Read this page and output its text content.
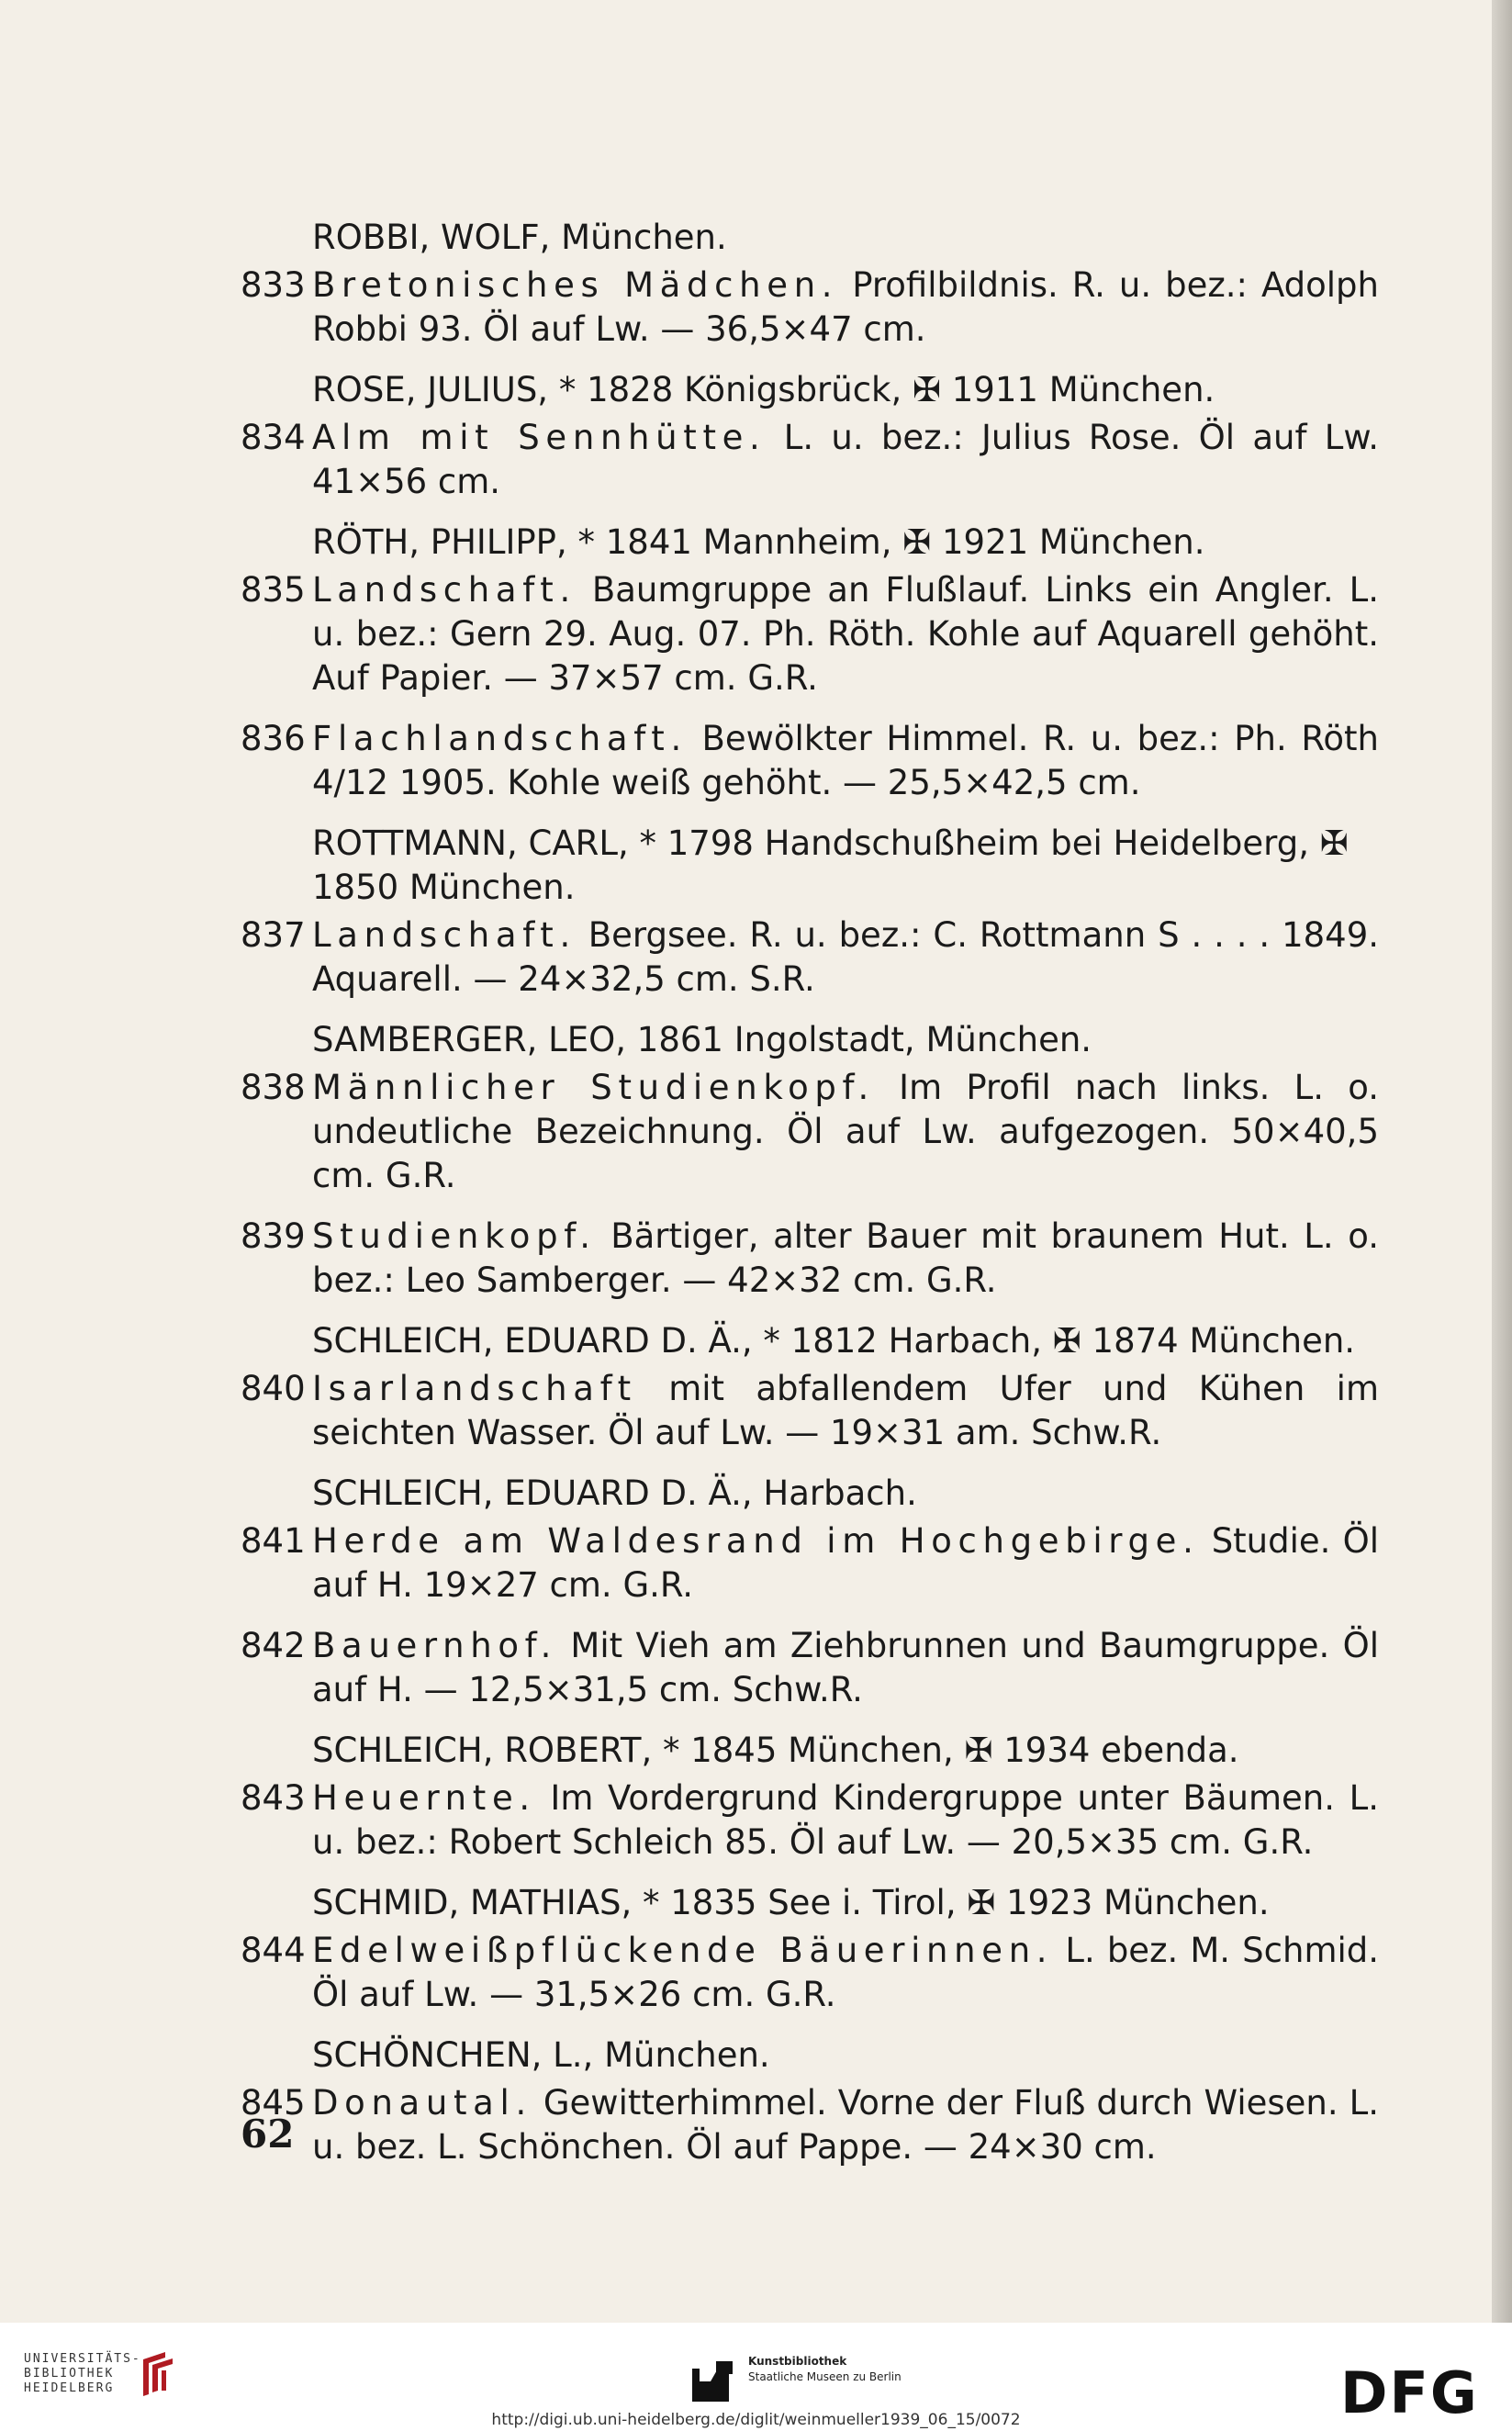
ROBBI, WOLF, München.
833 Bretonisches Mädchen. Profilbildnis. R. u. bez.: Adolph Robbi 93. Öl auf Lw. — 36,5×47 cm.
ROSE, JULIUS, * 1828 Königsbrück, ✠ 1911 München.
834 Alm mit Sennhütte. L. u. bez.: Julius Rose. Öl auf Lw. 41×56 cm.
RÖTH, PHILIPP, * 1841 Mannheim, ✠ 1921 München.
835 Landschaft. Baumgruppe an Flußlauf. Links ein Angler. L. u. bez.: Gern 29. Aug. 07. Ph. Röth. Kohle auf Aquarell gehöht. Auf Papier. — 37×57 cm. G.R.
836 Flachlandschaft. Bewölkter Himmel. R. u. bez.: Ph. Röth 4/12 1905. Kohle weiß gehöht. — 25,5×42,5 cm.
ROTTMANN, CARL, * 1798 Handschußheim bei Heidelberg, ✠ 1850 München.
837 Landschaft. Bergsee. R. u. bez.: C. Rottmann S . . . . 1849. Aquarell. — 24×32,5 cm. S.R.
SAMBERGER, LEO, 1861 Ingolstadt, München.
838 Männlicher Studienkopf. Im Profil nach links. L. o. undeutliche Bezeichnung. Öl auf Lw. aufgezogen. 50×40,5 cm. G.R.
839 Studienkopf. Bärtiger, alter Bauer mit braunem Hut. L. o. bez.: Leo Samberger. — 42×32 cm. G.R.
SCHLEICH, EDUARD D. Ä., * 1812 Harbach, ✠ 1874 München.
840 Isarlandschaft mit abfallendem Ufer und Kühen im seichten Wasser. Öl auf Lw. — 19×31 am. Schw.R.
SCHLEICH, EDUARD D. Ä., Harbach.
841 Herde am Waldesrand im Hochgebirge. Studie. Öl auf H. 19×27 cm. G.R.
842 Bauernhof. Mit Vieh am Ziehbrunnen und Baumgruppe. Öl auf H. — 12,5×31,5 cm. Schw.R.
SCHLEICH, ROBERT, * 1845 München, ✠ 1934 ebenda.
843 Heuernte. Im Vordergrund Kindergruppe unter Bäumen. L. u. bez.: Robert Schleich 85. Öl auf Lw. — 20,5×35 cm. G.R.
SCHMID, MATHIAS, * 1835 See i. Tirol, ✠ 1923 München.
844 Edelweißpflückende Bäuerinnen. L. bez. M. Schmid. Öl auf Lw. — 31,5×26 cm. G.R.
SCHÖNCHEN, L., München.
845 Donautal. Gewitterhimmel. Vorne der Fluß durch Wiesen. L. u. bez. L. Schönchen. Öl auf Pappe. — 24×30 cm.
62
UNIVERSITÄTS-
BIBLIOTHEK
HEIDELBERG
Kunstbibliothek
Staatliche Museen zu Berlin	DFG
http://digi.ub.uni-heidelberg.de/diglit/weinmueller1939_06_15/0072
